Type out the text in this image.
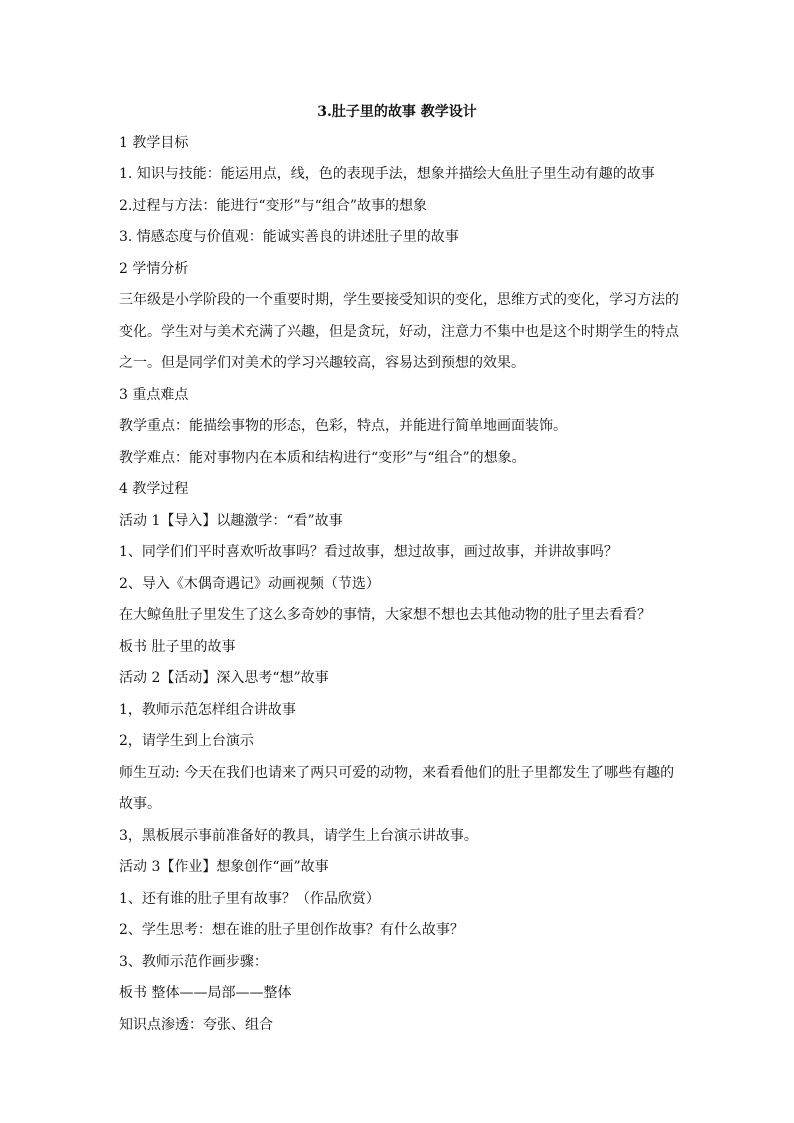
3.肚子里的故事 教学设计
1 教学目标
1. 知识与技能：能运用点，线，色的表现手法，想象并描绘大鱼肚子里生动有趣的故事
2.过程与方法：能进行“变形”与“组合”故事的想象
3. 情感态度与价值观：能诚实善良的讲述肚子里的故事
2 学情分析
三年级是小学阶段的一个重要时期，学生要接受知识的变化，思维方式的变化，学习方法的
变化。学生对与美术充满了兴趣，但是贪玩，好动，注意力不集中也是这个时期学生的特点
之一。但是同学们对美术的学习兴趣较高，容易达到预想的效果。
3 重点难点
教学重点：能描绘事物的形态，色彩，特点，并能进行简单地画面装饰。
教学难点：能对事物内在本质和结构进行“变形”与“组合”的想象。
4 教学过程
活动 1【导入】以趣激学：“看”故事
1、同学们们平时喜欢听故事吗？看过故事，想过故事，画过故事，并讲故事吗？
2、导入《木偶奇遇记》动画视频（节选）
在大鲸鱼肚子里发生了这么多奇妙的事情，大家想不想也去其他动物的肚子里去看看？
板书 肚子里的故事
活动 2【活动】深入思考“想”故事
1，教师示范怎样组合讲故事
2，请学生到上台演示
师生互动: 今天在我们也请来了两只可爱的动物，来看看他们的肚子里都发生了哪些有趣的
故事。
3，黑板展示事前准备好的教具，请学生上台演示讲故事。
活动 3【作业】想象创作“画”故事
1、还有谁的肚子里有故事？（作品欣赏）
2、学生思考：想在谁的肚子里创作故事？有什么故事？
3、教师示范作画步骤：
板书 整体——局部——整体
知识点渗透：夸张、组合
